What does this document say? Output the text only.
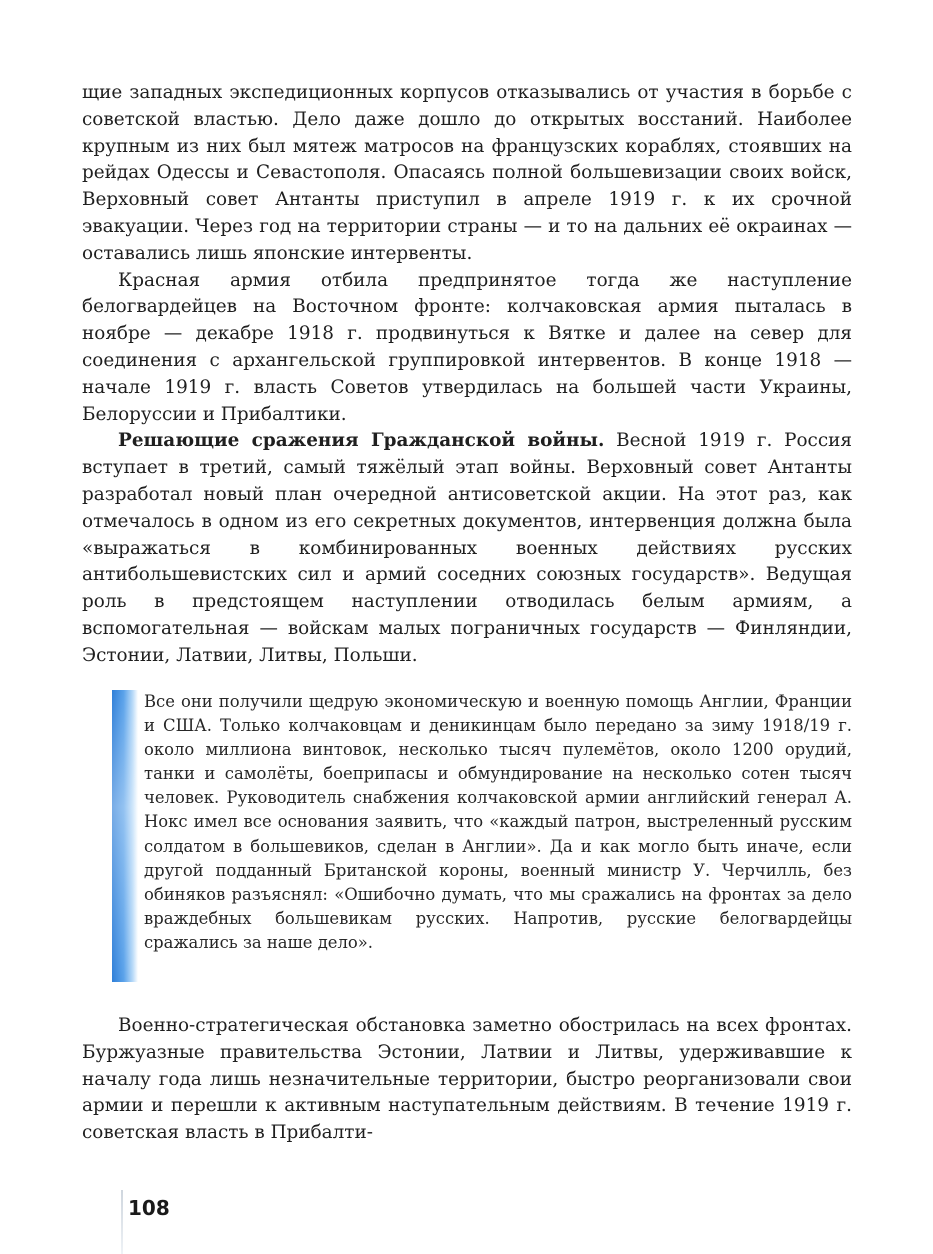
щие западных экспедиционных корпусов отказывались от участия в борьбе с советской властью. Дело даже дошло до открытых восстаний. Наиболее крупным из них был мятеж матросов на французских кораблях, стоявших на рейдах Одессы и Севастополя. Опасаясь полной большевизации своих войск, Верховный совет Антанты приступил в апреле 1919 г. к их срочной эвакуации. Через год на территории страны — и то на дальних её окраинах — оставались лишь японские интервенты.

Красная армия отбила предпринятое тогда же наступление белогвардейцев на Восточном фронте: колчаковская армия пыталась в ноябре — декабре 1918 г. продвинуться к Вятке и далее на север для соединения с архангельской группировкой интервентов. В конце 1918 — начале 1919 г. власть Советов утвердилась на большей части Украины, Белоруссии и Прибалтики.

Решающие сражения Гражданской войны. Весной 1919 г. Россия вступает в третий, самый тяжёлый этап войны. Верховный совет Антанты разработал новый план очередной антисоветской акции. На этот раз, как отмечалось в одном из его секретных документов, интервенция должна была «выражаться в комбинированных военных действиях русских антибольшевистских сил и армий соседних союзных государств». Ведущая роль в предстоящем наступлении отводилась белым армиям, а вспомогательная — войскам малых пограничных государств — Финляндии, Эстонии, Латвии, Литвы, Польши.

Все они получили щедрую экономическую и военную помощь Англии, Франции и США. Только колчаковцам и деникинцам было передано за зиму 1918/19 г. около миллиона винтовок, несколько тысяч пулемётов, около 1200 орудий, танки и самолёты, боеприпасы и обмундирование на несколько сотен тысяч человек. Руководитель снабжения колчаковской армии английский генерал А. Нокс имел все основания заявить, что «каждый патрон, выстреленный русским солдатом в большевиков, сделан в Англии». Да и как могло быть иначе, если другой подданный Британской короны, военный министр У. Черчилль, без обиняков разъяснял: «Ошибочно думать, что мы сражались на фронтах за дело враждебных большевикам русских. Напротив, русские белогвардейцы сражались за наше дело».

Военно-стратегическая обстановка заметно обострилась на всех фронтах. Буржуазные правительства Эстонии, Латвии и Литвы, удерживавшие к началу года лишь незначительные территории, быстро реорганизовали свои армии и перешли к активным наступательным действиям. В течение 1919 г. советская власть в Прибалти-

108
